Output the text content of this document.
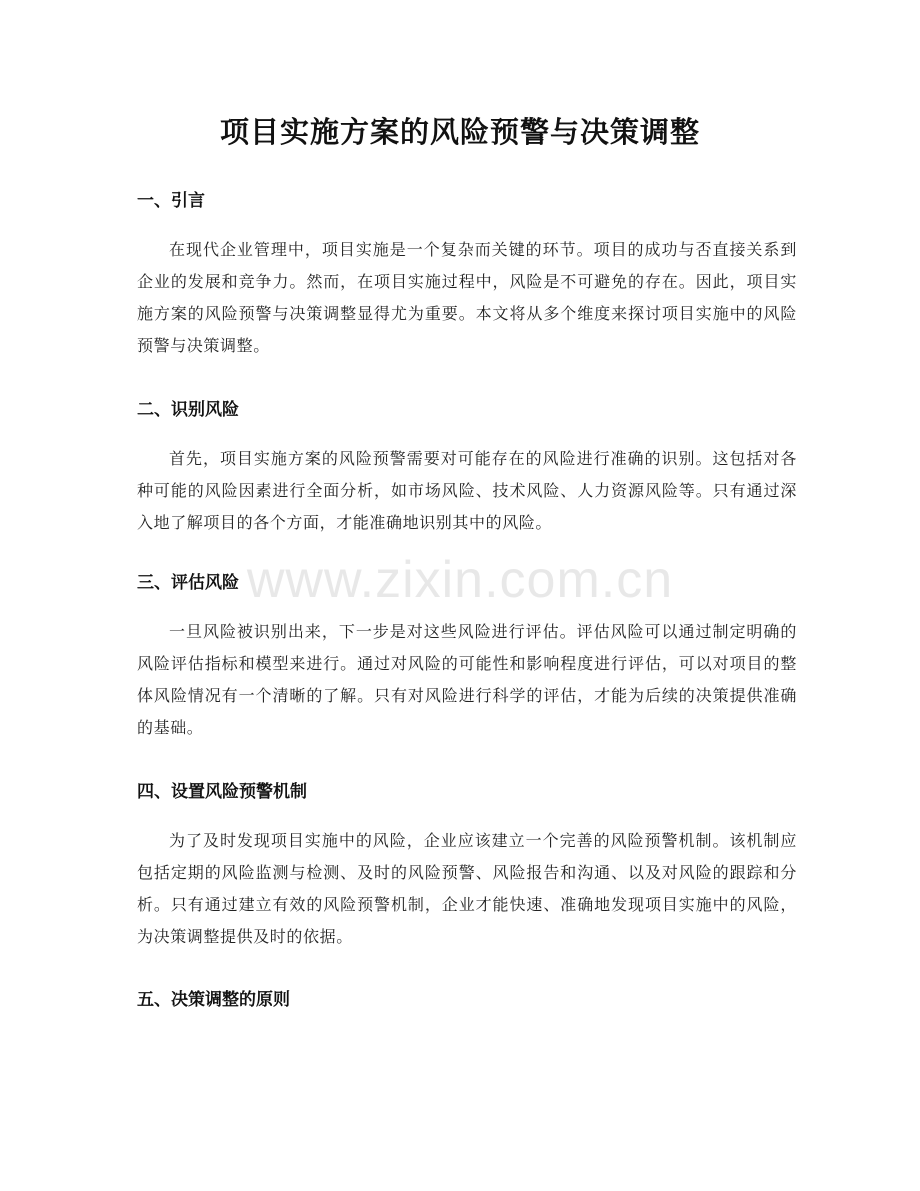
项目实施方案的风险预警与决策调整
一、引言

在现代企业管理中，项目实施是一个复杂而关键的环节。项目的成功与否直接关系到企业的发展和竞争力。然而，在项目实施过程中，风险是不可避免的存在。因此，项目实施方案的风险预警与决策调整显得尤为重要。本文将从多个维度来探讨项目实施中的风险预警与决策调整。

二、识别风险

首先，项目实施方案的风险预警需要对可能存在的风险进行准确的识别。这包括对各种可能的风险因素进行全面分析，如市场风险、技术风险、人力资源风险等。只有通过深入地了解项目的各个方面，才能准确地识别其中的风险。

三、评估风险

一旦风险被识别出来，下一步是对这些风险进行评估。评估风险可以通过制定明确的风险评估指标和模型来进行。通过对风险的可能性和影响程度进行评估，可以对项目的整体风险情况有一个清晰的了解。只有对风险进行科学的评估，才能为后续的决策提供准确的基础。

四、设置风险预警机制

为了及时发现项目实施中的风险，企业应该建立一个完善的风险预警机制。该机制应包括定期的风险监测与检测、及时的风险预警、风险报告和沟通、以及对风险的跟踪和分析。只有通过建立有效的风险预警机制，企业才能快速、准确地发现项目实施中的风险，为决策调整提供及时的依据。

五、决策调整的原则
www.zixin.com.cn
